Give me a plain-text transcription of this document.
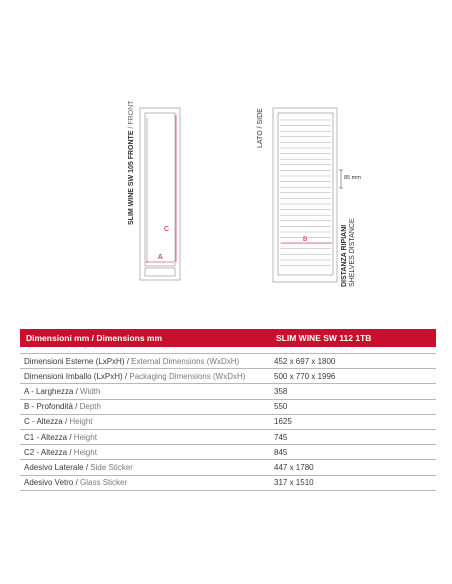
C
A
B
SLIM WINE SW 105 FRONTE / FRONT	LATO / SIDE
85 mm
DISTANZA RIPIANI SHELVES DISTANCE
Dimensioni mm / Dimensions mm	SLIM WINE SW 112 1TB
Dimensioni Esterne (LxPxH) / External Dimensions (WxDxH)	452 x 697 x 1800
Dimensioni Imballo (LxPxH) / Packaging Dimensions (WxDxH)	500 x 770 x 1996
A - Larghezza / Width	358
B - Profondità / Depth	550
C - Altezza / Height	1625
C1 - Altezza / Height	745
C2 - Altezza / Height	845
Adesivo Laterale / Side Sticker	447 x 1780
Adesivo Vetro / Glass Sticker	317 x 1510
